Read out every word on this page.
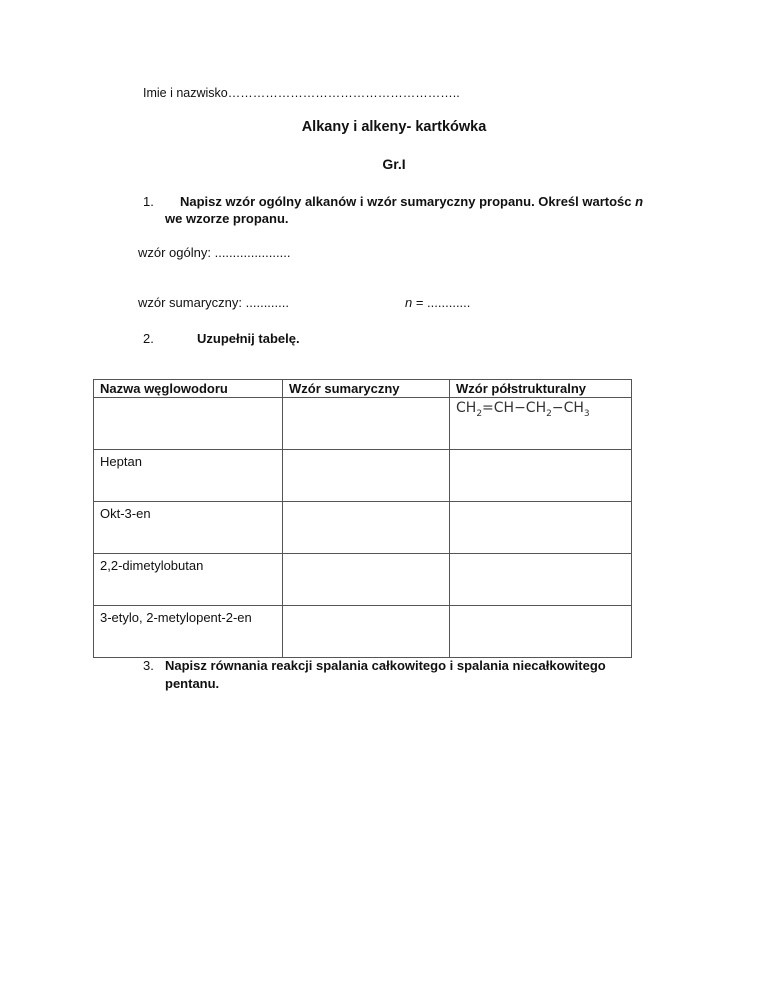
Imie i nazwisko………………………………………………..
Alkany i alkeny- kartkówka
Gr.I
1. Napisz wzór ogólny alkanów i wzór sumaryczny propanu. Określ wartośc n
we wzorze propanu.
wzór ogólny: .....................
wzór sumaryczny: ............	n = ............
2.	Uzupełnij tabelę.
Nazwa węglowodoru	Wzór sumaryczny	Wzór półstrukturalny

		$CH_2=CH-CH_2-CH_3$

Heptan		

Okt-3-en		

2,2-dimetylobutan		

3-etylo, 2-metylopent-2-en		

3. Napisz równania reakcji spalania całkowitego i spalania niecałkowitego
pentanu.
